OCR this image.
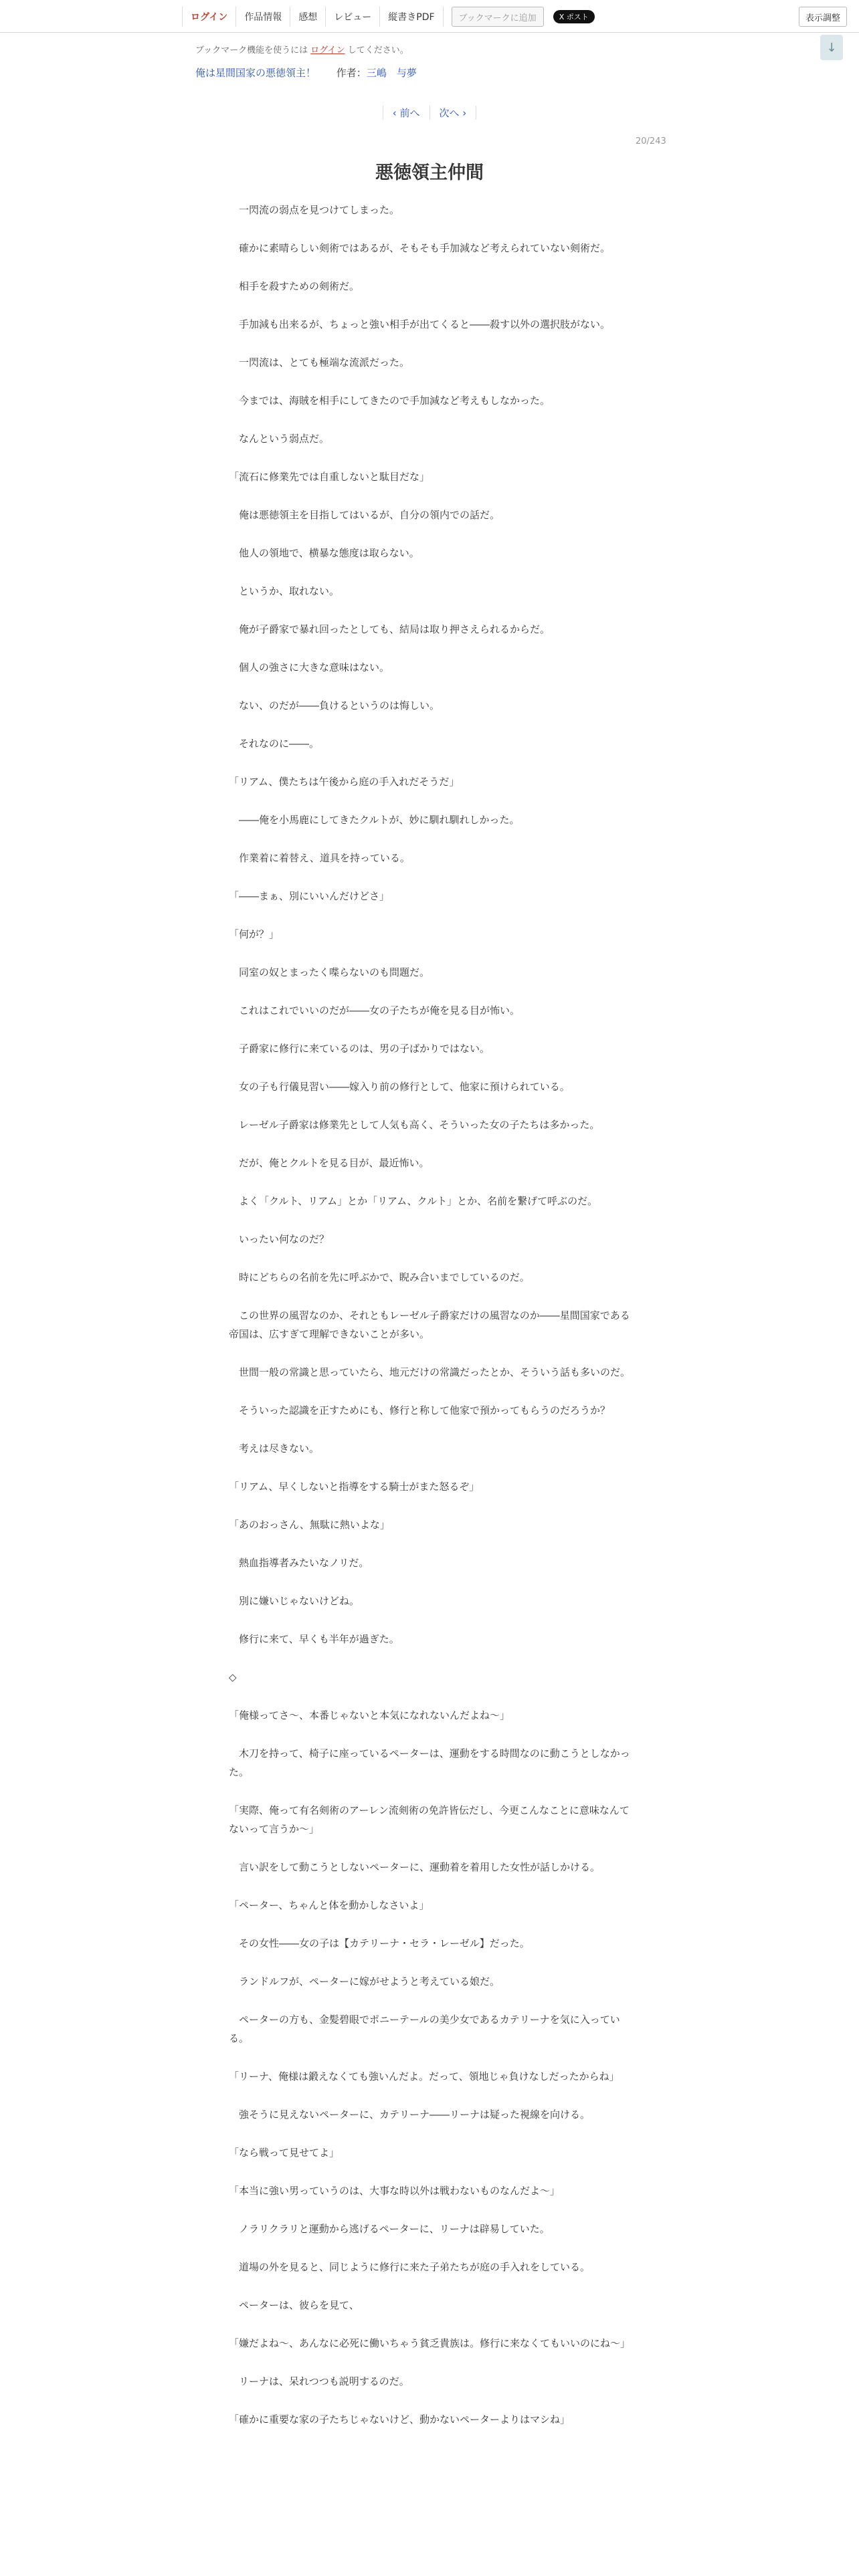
ログイン	作品情報	感想	レビュー	縦書きPDF	ブックマークに追加	X ポスト	表示調整
↓
ブックマーク機能を使うには ログイン してください。
俺は星間国家の悪徳領主！ 作者：三嶋　与夢
‹ 前へ 次へ ›
20/243
悪徳領主仲間

　一閃流の弱点を見つけてしまった。

　確かに素晴らしい剣術ではあるが、そもそも手加減など考えられていない剣術だ。

　相手を殺すための剣術だ。

　手加減も出来るが、ちょっと強い相手が出てくると――殺す以外の選択肢がない。

　一閃流は、とても極端な流派だった。

　今までは、海賊を相手にしてきたので手加減など考えもしなかった。

　なんという弱点だ。

「流石に修業先では自重しないと駄目だな」

　俺は悪徳領主を目指してはいるが、自分の領内での話だ。

　他人の領地で、横暴な態度は取らない。

　というか、取れない。

　俺が子爵家で暴れ回ったとしても、結局は取り押さえられるからだ。

　個人の強さに大きな意味はない。

　ない、のだが――負けるというのは悔しい。

　それなのに――。

「リアム、僕たちは午後から庭の手入れだそうだ」

　――俺を小馬鹿にしてきたクルトが、妙に馴れ馴れしかった。

　作業着に着替え、道具を持っている。

「――まぁ、別にいいんだけどさ」

「何が？」

　同室の奴とまったく喋らないのも問題だ。

　これはこれでいいのだが――女の子たちが俺を見る目が怖い。

　子爵家に修行に来ているのは、男の子ばかりではない。

　女の子も行儀見習い――嫁入り前の修行として、他家に預けられている。

　レーゼル子爵家は修業先として人気も高く、そういった女の子たちは多かった。

　だが、俺とクルトを見る目が、最近怖い。

　よく「クルト、リアム」とか「リアム、クルト」とか、名前を繋げて呼ぶのだ。

　いったい何なのだ？

　時にどちらの名前を先に呼ぶかで、睨み合いまでしているのだ。

　この世界の風習なのか、それともレーゼル子爵家だけの風習なのか――星間国家である帝国は、広すぎて理解できないことが多い。

　世間一般の常識と思っていたら、地元だけの常識だったとか、そういう話も多いのだ。

　そういった認識を正すためにも、修行と称して他家で預かってもらうのだろうか？

　考えは尽きない。

「リアム、早くしないと指導をする騎士がまた怒るぞ」

「あのおっさん、無駄に熱いよな」

　熱血指導者みたいなノリだ。

　別に嫌いじゃないけどね。

　修行に来て、早くも半年が過ぎた。

◇

「俺様ってさ～、本番じゃないと本気になれないんだよね～」

　木刀を持って、椅子に座っているペーターは、運動をする時間なのに動こうとしなかった。

「実際、俺って有名剣術のアーレン流剣術の免許皆伝だし、今更こんなことに意味なんてないって言うか～」

　言い訳をして動こうとしないペーターに、運動着を着用した女性が話しかける。

「ペーター、ちゃんと体を動かしなさいよ」

　その女性――女の子は【カテリーナ・セラ・レーゼル】だった。

　ランドルフが、ペーターに嫁がせようと考えている娘だ。

　ペーターの方も、金髪碧眼でポニーテールの美少女であるカテリーナを気に入っている。

「リーナ、俺様は鍛えなくても強いんだよ。だって、領地じゃ負けなしだったからね」

　強そうに見えないペーターに、カテリーナ――リーナは疑った視線を向ける。

「なら戦って見せてよ」

「本当に強い男っていうのは、大事な時以外は戦わないものなんだよ～」

　ノラリクラリと運動から逃げるペーターに、リーナは辟易していた。

　道場の外を見ると、同じように修行に来た子弟たちが庭の手入れをしている。

　ペーターは、彼らを見て、

「嫌だよね～、あんなに必死に働いちゃう貧乏貴族は。修行に来なくてもいいのにね～」

　リーナは、呆れつつも説明するのだ。

「確かに重要な家の子たちじゃないけど、動かないペーターよりはマシね」
